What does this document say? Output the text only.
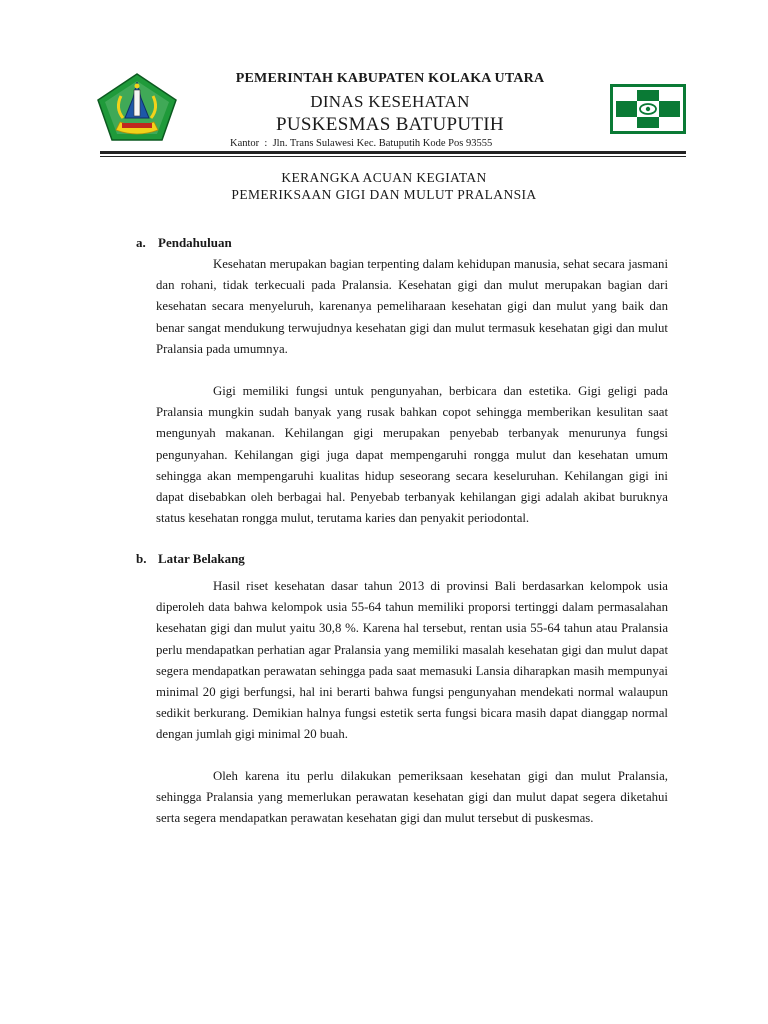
PEMERINTAH KABUPATEN KOLAKA UTARA
DINAS KESEHATAN
PUSKESMAS BATUPUTIH
Kantor  :  Jln. Trans Sulawesi Kec. Batuputih Kode Pos 93555
KERANGKA ACUAN KEGIATAN
PEMERIKSAAN GIGI DAN MULUT PRALANSIA
a. Pendahuluan

Kesehatan merupakan bagian terpenting dalam kehidupan manusia, sehat secara jasmani dan rohani, tidak terkecuali pada Pralansia. Kesehatan gigi dan mulut merupakan bagian dari kesehatan secara menyeluruh, karenanya pemeliharaan kesehatan gigi dan mulut yang baik dan benar sangat mendukung terwujudnya kesehatan gigi dan mulut termasuk kesehatan gigi dan mulut Pralansia pada umumnya.

Gigi memiliki fungsi untuk pengunyahan, berbicara dan estetika. Gigi geligi pada Pralansia mungkin sudah banyak yang rusak bahkan copot sehingga memberikan kesulitan saat mengunyah makanan. Kehilangan gigi merupakan penyebab terbanyak menurunya fungsi pengunyahan. Kehilangan gigi juga dapat mempengaruhi rongga mulut dan kesehatan umum sehingga akan mempengaruhi kualitas hidup seseorang secara keseluruhan. Kehilangan gigi ini dapat disebabkan oleh berbagai hal. Penyebab terbanyak kehilangan gigi adalah akibat buruknya status kesehatan rongga mulut, terutama karies dan penyakit periodontal.

b. Latar Belakang

Hasil riset kesehatan dasar tahun 2013 di provinsi Bali berdasarkan kelompok usia diperoleh data bahwa kelompok usia 55-64 tahun memiliki proporsi tertinggi dalam permasalahan kesehatan gigi dan mulut yaitu 30,8 %. Karena hal tersebut, rentan usia 55-64 tahun atau Pralansia perlu mendapatkan perhatian agar Pralansia yang memiliki masalah kesehatan gigi dan mulut dapat segera mendapatkan perawatan sehingga pada saat memasuki Lansia diharapkan masih mempunyai minimal 20 gigi berfungsi, hal ini berarti bahwa fungsi pengunyahan mendekati normal walaupun sedikit berkurang. Demikian halnya fungsi estetik serta fungsi bicara masih dapat dianggap normal dengan jumlah gigi minimal 20 buah.

Oleh karena itu perlu dilakukan pemeriksaan kesehatan gigi dan mulut Pralansia, sehingga Pralansia yang memerlukan perawatan kesehatan gigi dan mulut dapat segera diketahui serta segera mendapatkan perawatan kesehatan gigi dan mulut tersebut di puskesmas.
